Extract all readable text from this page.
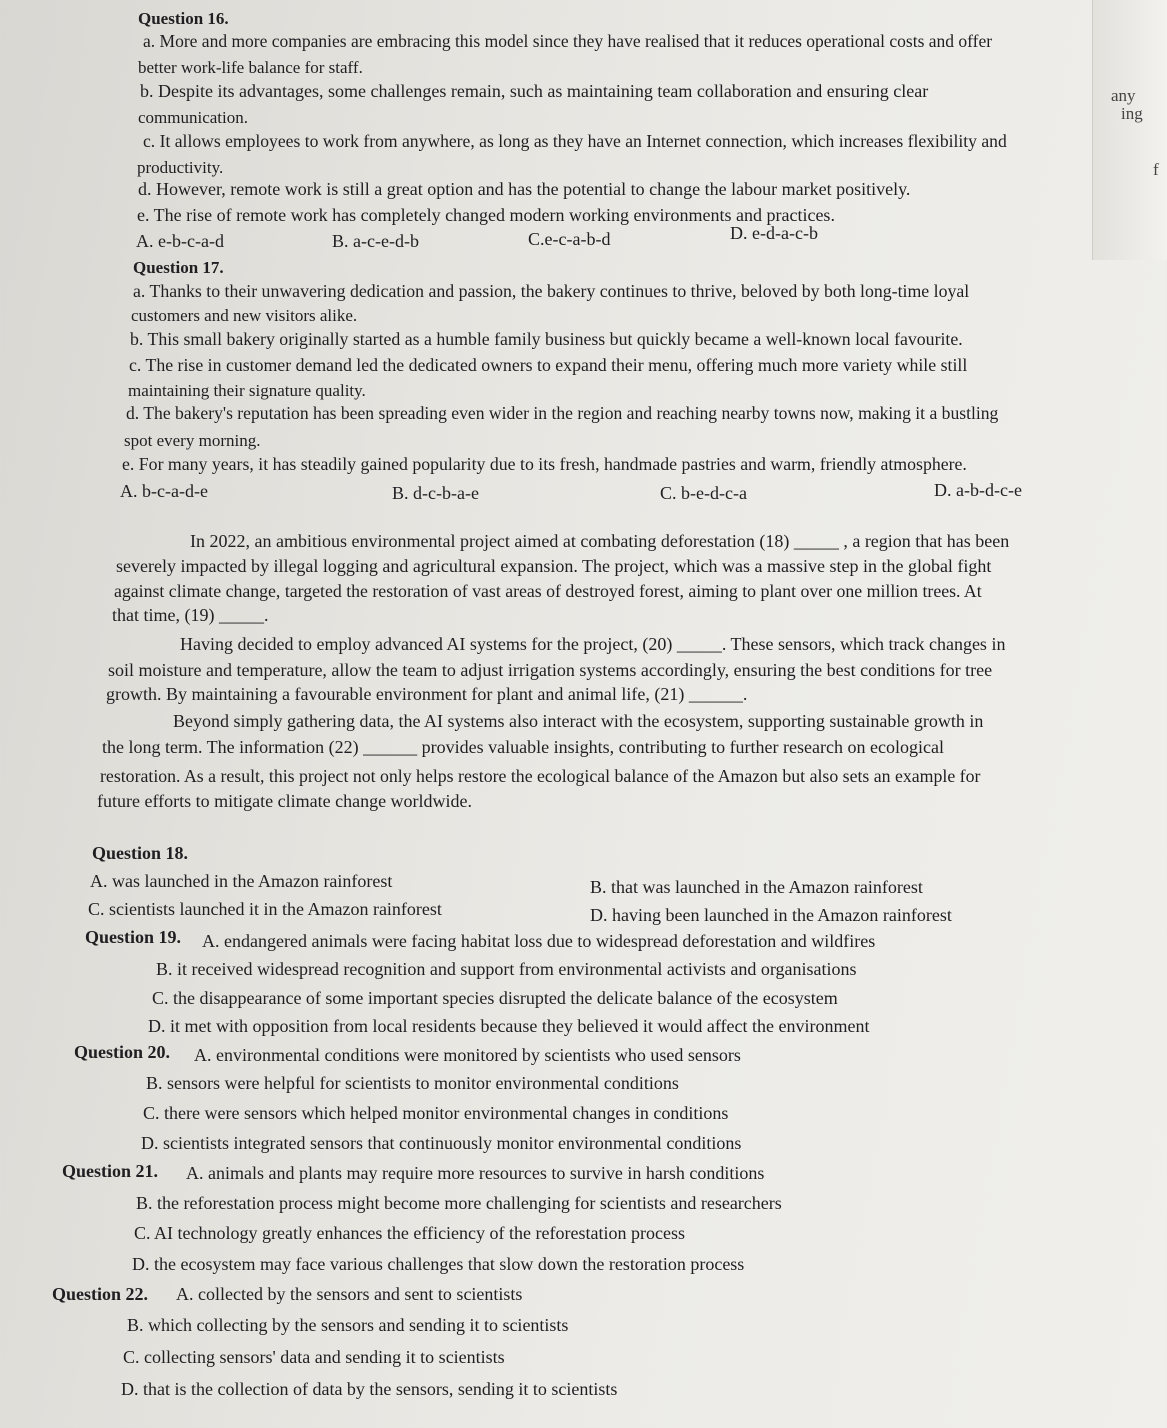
any
ing
f
Question 16.
a. More and more companies are embracing this model since they have realised that it reduces operational costs and offer
better work-life balance for staff.
b. Despite its advantages, some challenges remain, such as maintaining team collaboration and ensuring clear
communication.
c. It allows employees to work from anywhere, as long as they have an Internet connection, which increases flexibility and
productivity.
d. However, remote work is still a great option and has the potential to change the labour market positively.
e. The rise of remote work has completely changed modern working environments and practices.
A. e-b-c-a-d	B. a-c-e-d-b	C.e-c-a-b-d	D. e-d-a-c-b
Question 17.
a. Thanks to their unwavering dedication and passion, the bakery continues to thrive, beloved by both long-time loyal
customers and new visitors alike.
b. This small bakery originally started as a humble family business but quickly became a well-known local favourite.
c. The rise in customer demand led the dedicated owners to expand their menu, offering much more variety while still
maintaining their signature quality.
d. The bakery's reputation has been spreading even wider in the region and reaching nearby towns now, making it a bustling
spot every morning.
e. For many years, it has steadily gained popularity due to its fresh, handmade pastries and warm, friendly atmosphere.
A. b-c-a-d-e	B. d-c-b-a-e	C. b-e-d-c-a	D. a-b-d-c-e
In 2022, an ambitious environmental project aimed at combating deforestation (18) _____ , a region that has been
severely impacted by illegal logging and agricultural expansion. The project, which was a massive step in the global fight
against climate change, targeted the restoration of vast areas of destroyed forest, aiming to plant over one million trees. At
that time, (19) _____.
Having decided to employ advanced AI systems for the project, (20) _____. These sensors, which track changes in
soil moisture and temperature, allow the team to adjust irrigation systems accordingly, ensuring the best conditions for tree
growth. By maintaining a favourable environment for plant and animal life, (21) ______.
Beyond simply gathering data, the AI systems also interact with the ecosystem, supporting sustainable growth in
the long term. The information (22) ______ provides valuable insights, contributing to further research on ecological
restoration. As a result, this project not only helps restore the ecological balance of the Amazon but also sets an example for
future efforts to mitigate climate change worldwide.
Question 18.
A. was launched in the Amazon rainforest	B. that was launched in the Amazon rainforest
C. scientists launched it in the Amazon rainforest	D. having been launched in the Amazon rainforest
Question 19. A. endangered animals were facing habitat loss due to widespread deforestation and wildfires
B. it received widespread recognition and support from environmental activists and organisations
C. the disappearance of some important species disrupted the delicate balance of the ecosystem
D. it met with opposition from local residents because they believed it would affect the environment
Question 20. A. environmental conditions were monitored by scientists who used sensors
B. sensors were helpful for scientists to monitor environmental conditions
C. there were sensors which helped monitor environmental changes in conditions
D. scientists integrated sensors that continuously monitor environmental conditions
Question 21. A. animals and plants may require more resources to survive in harsh conditions
B. the reforestation process might become more challenging for scientists and researchers
C. AI technology greatly enhances the efficiency of the reforestation process
D. the ecosystem may face various challenges that slow down the restoration process
Question 22. A. collected by the sensors and sent to scientists
B. which collecting by the sensors and sending it to scientists
C. collecting sensors' data and sending it to scientists
D. that is the collection of data by the sensors, sending it to scientists
